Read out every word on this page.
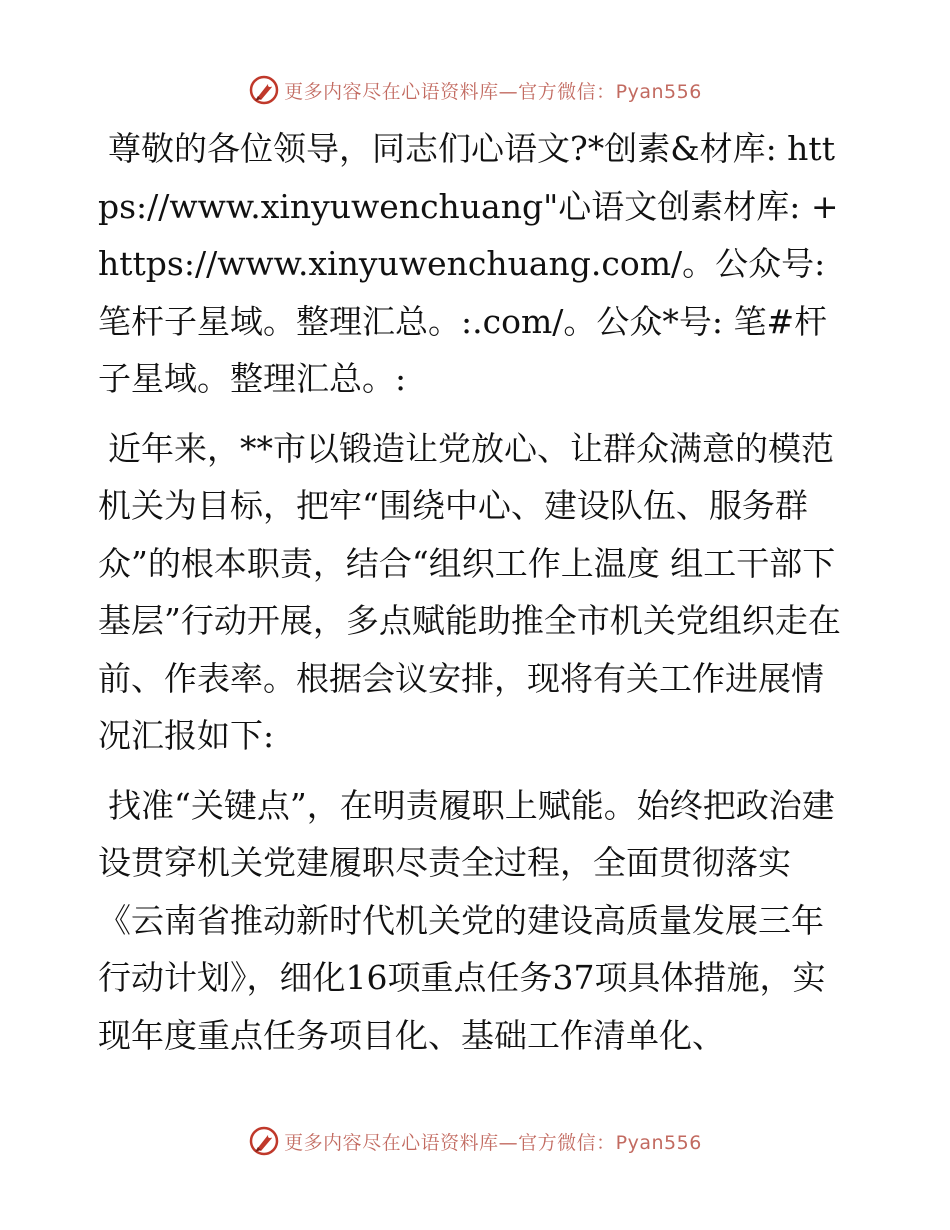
更多内容尽在心语资料库—官方微信：Pyan556

尊敬的各位领导，同志们心语文?*创素&材库: https://www.xinyuwenchuang"心语文创素材库: +https://www.xinyuwenchuang.com/。公众号: 笔杆子星域。整理汇总。:.com/。公众*号: 笔#杆子星域。整理汇总。:

近年来，**市以锻造让党放心、让群众满意的模范机关为目标，把牢“围绕中心、建设队伍、服务群众”的根本职责，结合“组织工作上温度 组工干部下基层”行动开展，多点赋能助推全市机关党组织走在前、作表率。根据会议安排，现将有关工作进展情况汇报如下:

找准“关键点”，在明责履职上赋能。始终把政治建设贯穿机关党建履职尽责全过程，全面贯彻落实《云南省推动新时代机关党的建设高质量发展三年行动计划》，细化16项重点任务37项具体措施，实现年度重点任务项目化、基础工作清单化、

更多内容尽在心语资料库—官方微信：Pyan556
